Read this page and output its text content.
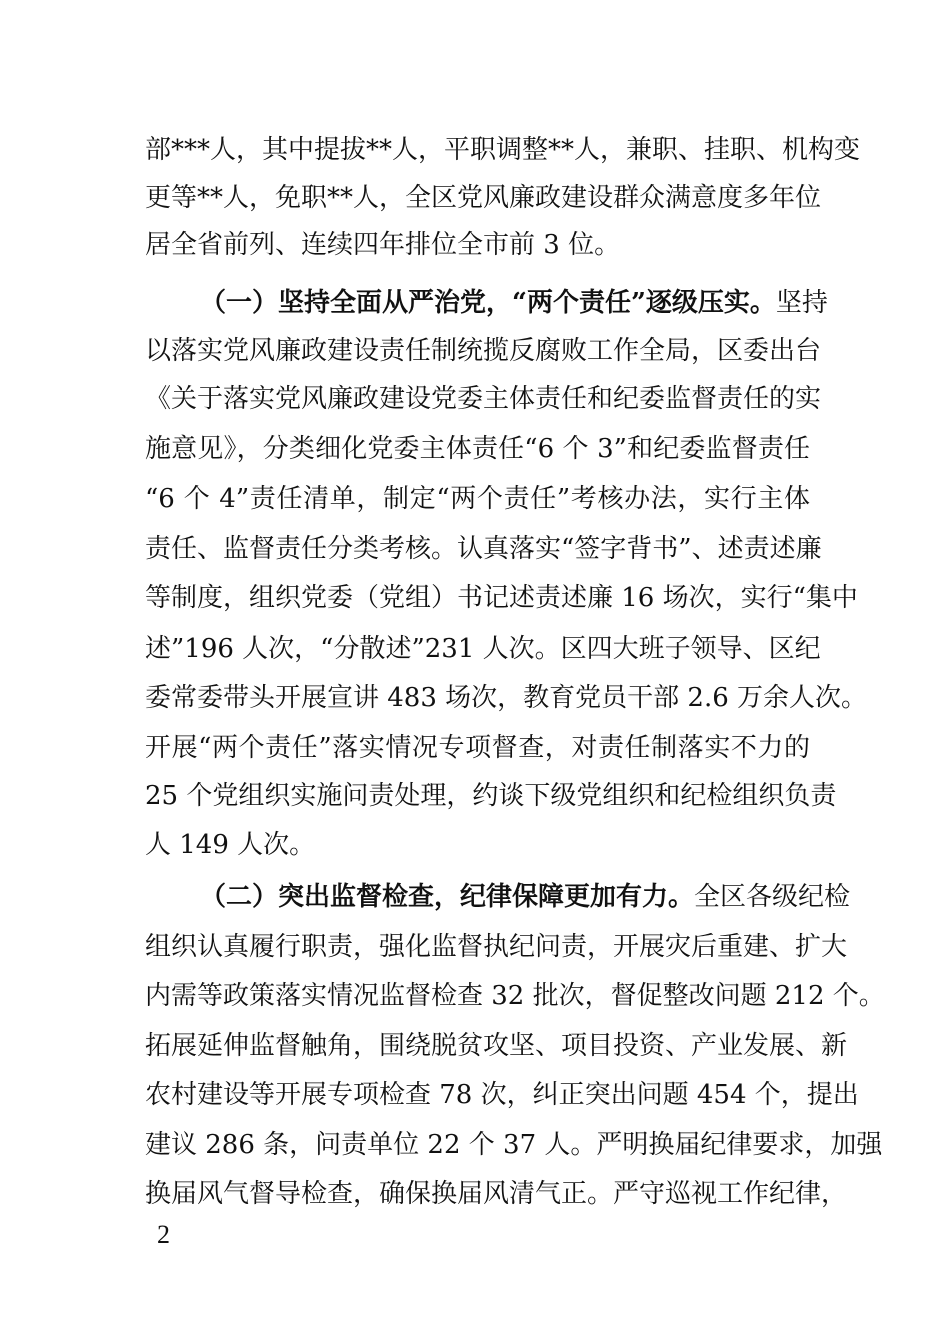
部***人，其中提拔**人，平职调整**人，兼职、挂职、机构变
更等**人，免职**人，全区党风廉政建设群众满意度多年位
居全省前列、连续四年排位全市前 3 位。
（一）坚持全面从严治党，“两个责任”逐级压实。坚持
以落实党风廉政建设责任制统揽反腐败工作全局，区委出台
《关于落实党风廉政建设党委主体责任和纪委监督责任的实
施意见》，分类细化党委主体责任“6 个 3”和纪委监督责任
“6 个 4”责任清单，制定“两个责任”考核办法，实行主体
责任、监督责任分类考核。认真落实“签字背书”、述责述廉
等制度，组织党委（党组）书记述责述廉 16 场次，实行“集中
述”196 人次，“分散述”231 人次。区四大班子领导、区纪
委常委带头开展宣讲 483 场次，教育党员干部 2.6 万余人次。
开展“两个责任”落实情况专项督查，对责任制落实不力的
25 个党组织实施问责处理，约谈下级党组织和纪检组织负责
人 149 人次。
（二）突出监督检查，纪律保障更加有力。全区各级纪检
组织认真履行职责，强化监督执纪问责，开展灾后重建、扩大
内需等政策落实情况监督检查 32 批次，督促整改问题 212 个。
拓展延伸监督触角，围绕脱贫攻坚、项目投资、产业发展、新
农村建设等开展专项检查 78 次，纠正突出问题 454 个，提出
建议 286 条，问责单位 22 个 37 人。严明换届纪律要求，加强
换届风气督导检查，确保换届风清气正。严守巡视工作纪律，
2
